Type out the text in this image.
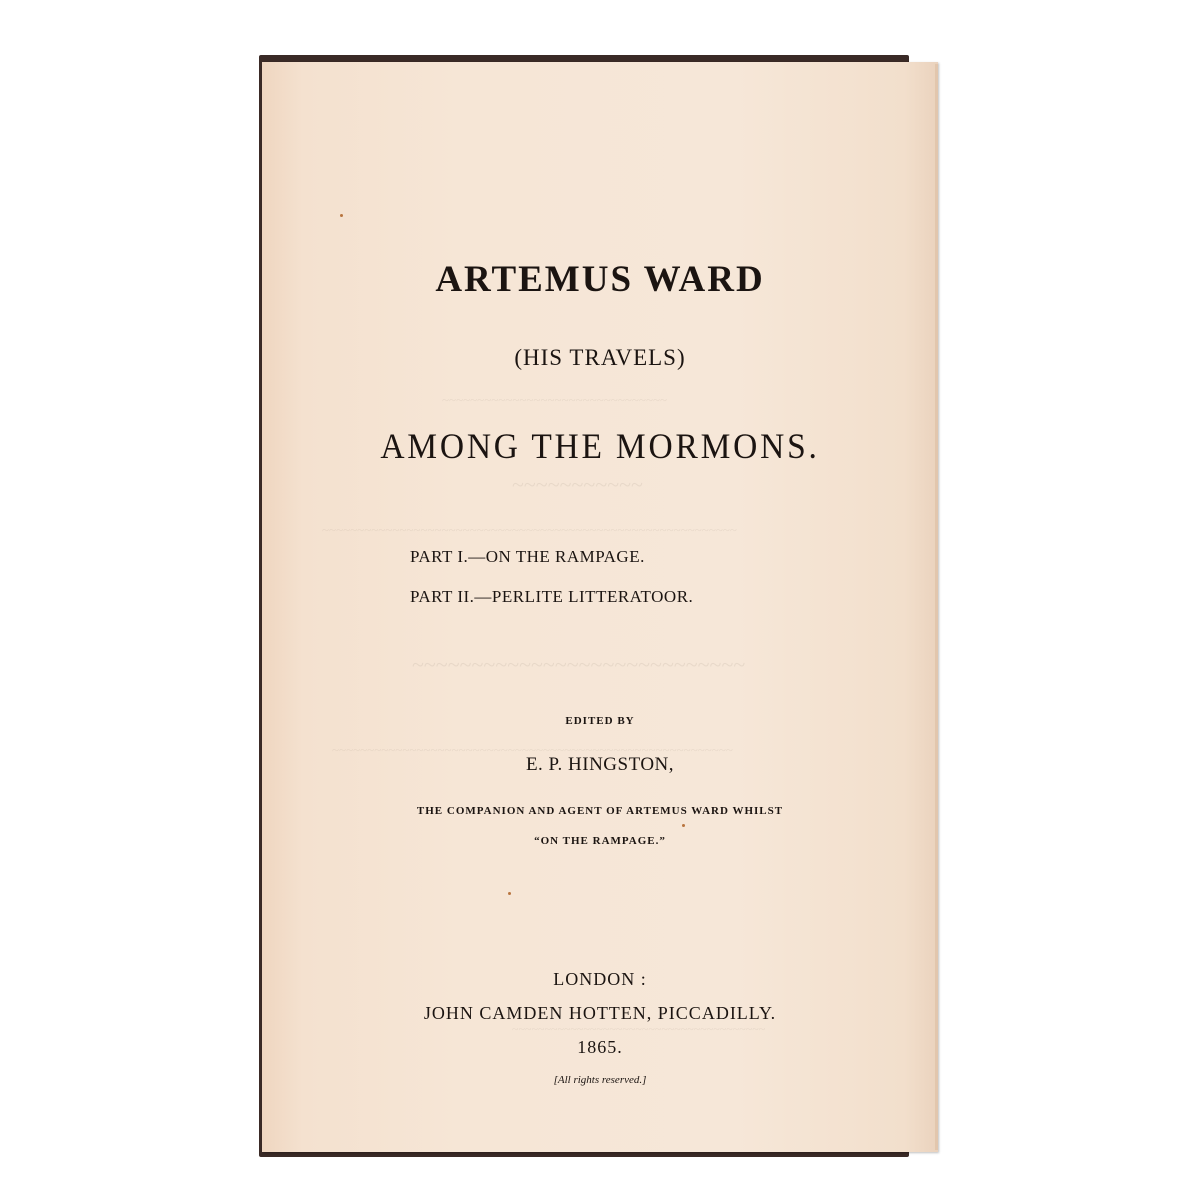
~~~~~~~~~~~~~~~~~~~~~~~~~~~~~~~~
~~~~~~~~~~~
~~~~~~~~~~~~~~~~~~~~~~~~~~~~~~~~~~~~~~~~~~~~~~~~~~~~~~~~~~~
~~~~~~~~~~~~~~~~~~~~~~~~~~~~
~~~~~~~~~~~~~~~~~~~~~~~~~~~~~~~~~~~~~~~~~~~~~~~~~~~~~~~~~
~~~~~~~~~~~~~~~~~~~~~~~~~~~~~~~~~~~~~~~
ARTEMUS WARD
(HIS TRAVELS)
AMONG THE MORMONS.
PART I.—ON THE RAMPAGE.
PART II.—PERLITE LITTERATOOR.
EDITED BY
E. P. HINGSTON,
THE COMPANION AND AGENT OF ARTEMUS WARD WHILST
“ON THE RAMPAGE.”
LONDON :
JOHN CAMDEN HOTTEN, PICCADILLY.
1865.
[All rights reserved.]
